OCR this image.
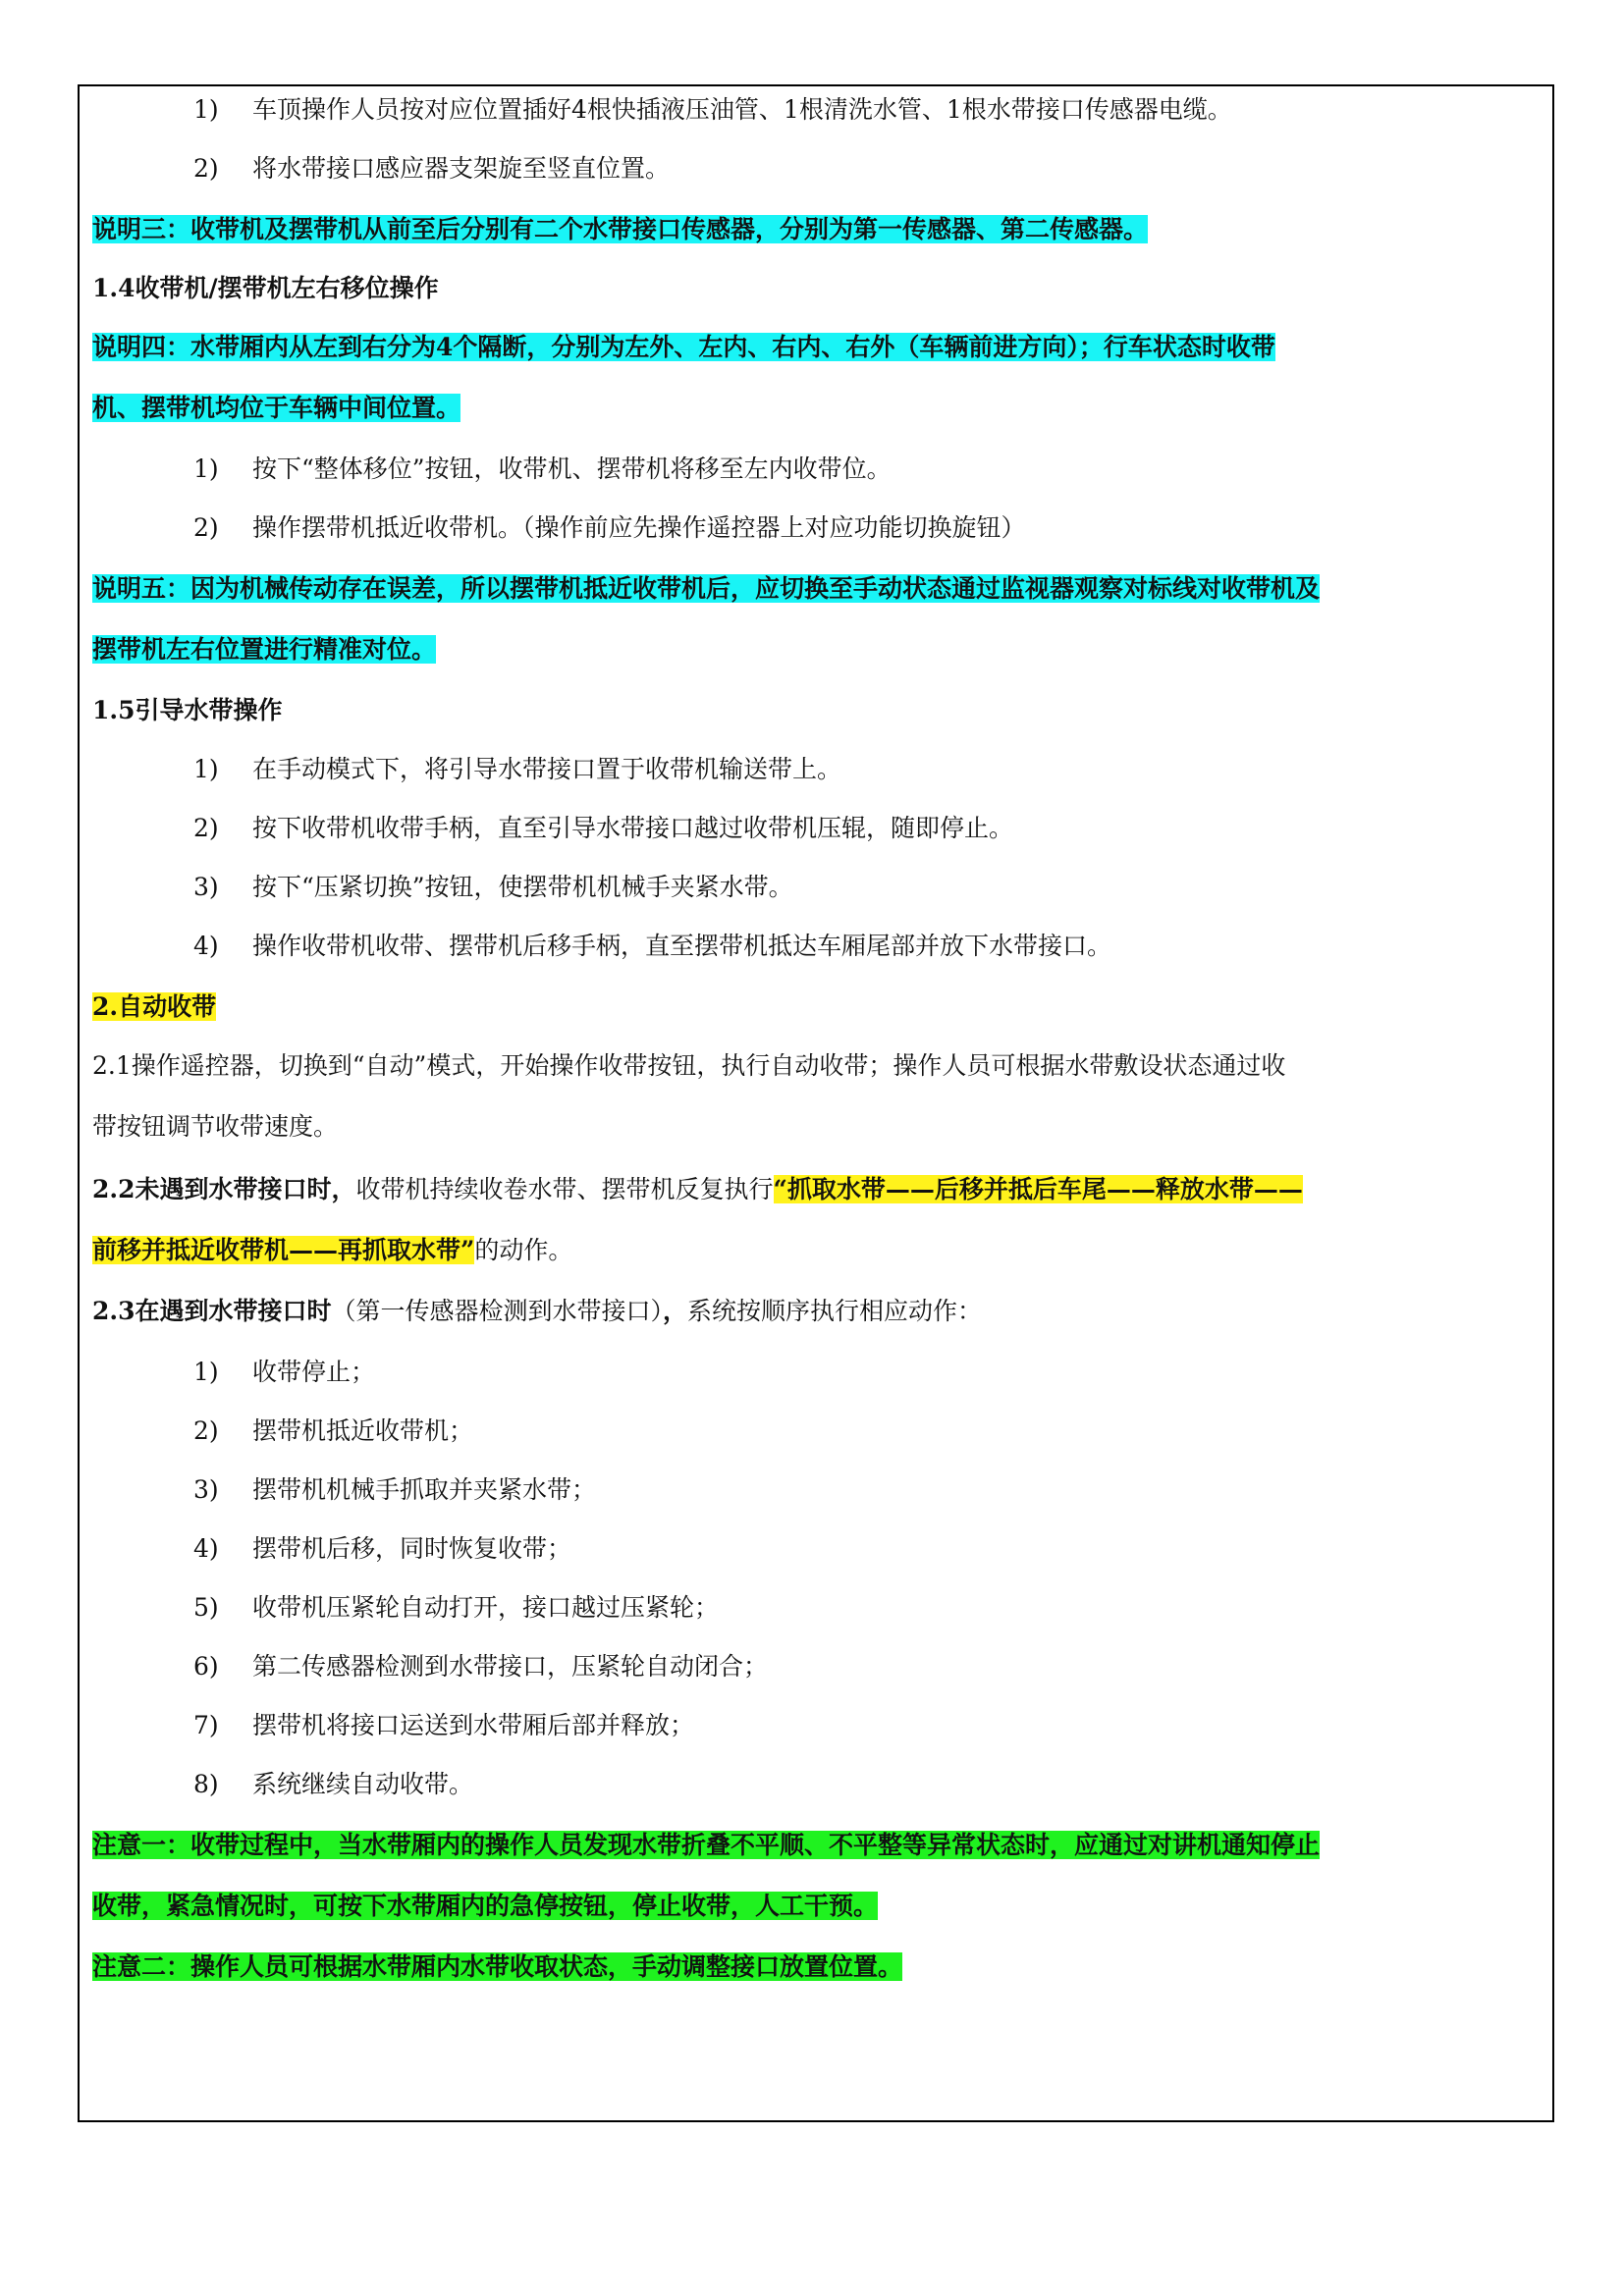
1) 车顶操作人员按对应位置插好4根快插液压油管、1根清洗水管、1根水带接口传感器电缆。
2) 将水带接口感应器支架旋至竖直位置。
说明三：收带机及摆带机从前至后分别有二个水带接口传感器，分别为第一传感器、第二传感器。
1.4收带机/摆带机左右移位操作
说明四：水带厢内从左到右分为4个隔断，分别为左外、左内、右内、右外（车辆前进方向）；行车状态时收带
机、摆带机均位于车辆中间位置。
1) 按下“整体移位”按钮，收带机、摆带机将移至左内收带位。
2) 操作摆带机抵近收带机。（操作前应先操作遥控器上对应功能切换旋钮）
说明五：因为机械传动存在误差，所以摆带机抵近收带机后，应切换至手动状态通过监视器观察对标线对收带机及
摆带机左右位置进行精准对位。
1.5引导水带操作
1) 在手动模式下，将引导水带接口置于收带机输送带上。
2) 按下收带机收带手柄，直至引导水带接口越过收带机压辊，随即停止。
3) 按下“压紧切换”按钮，使摆带机机械手夹紧水带。
4) 操作收带机收带、摆带机后移手柄，直至摆带机抵达车厢尾部并放下水带接口。
2.自动收带
2.1操作遥控器，切换到“自动”模式，开始操作收带按钮，执行自动收带；操作人员可根据水带敷设状态通过收
带按钮调节收带速度。
2.2未遇到水带接口时，收带机持续收卷水带、摆带机反复执行“抓取水带——后移并抵后车尾——释放水带——
前移并抵近收带机——再抓取水带”的动作。
2.3在遇到水带接口时（第一传感器检测到水带接口），系统按顺序执行相应动作：
1) 收带停止；
2) 摆带机抵近收带机；
3) 摆带机机械手抓取并夹紧水带；
4) 摆带机后移，同时恢复收带；
5) 收带机压紧轮自动打开，接口越过压紧轮；
6) 第二传感器检测到水带接口，压紧轮自动闭合；
7) 摆带机将接口运送到水带厢后部并释放；
8) 系统继续自动收带。
注意一：收带过程中，当水带厢内的操作人员发现水带折叠不平顺、不平整等异常状态时，应通过对讲机通知停止
收带，紧急情况时，可按下水带厢内的急停按钮，停止收带，人工干预。
注意二：操作人员可根据水带厢内水带收取状态，手动调整接口放置位置。
